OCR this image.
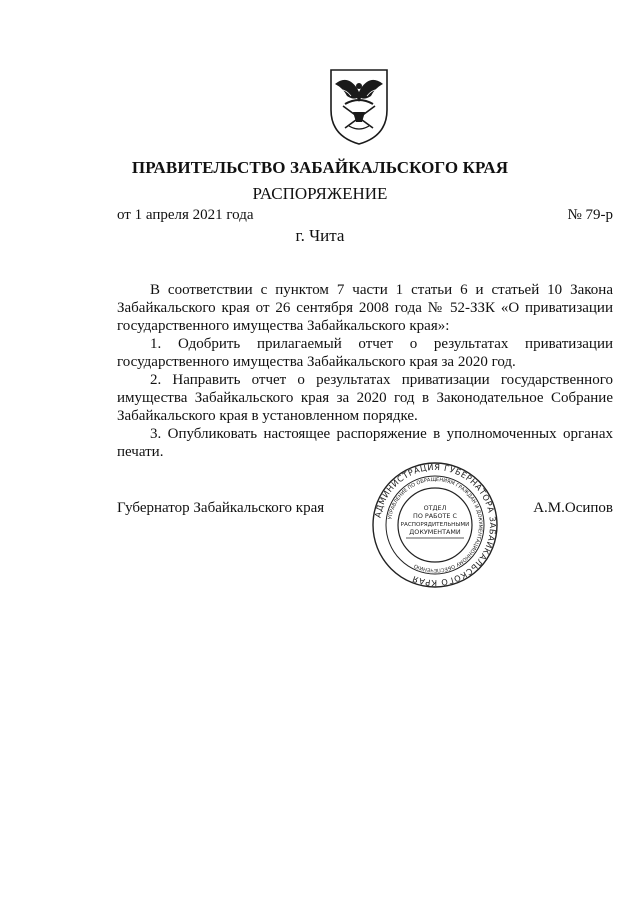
ПРАВИТЕЛЬСТВО ЗАБАЙКАЛЬСКОГО КРАЯ
РАСПОРЯЖЕНИЕ
от 1 апреля 2021 года	№ 79-р
г. Чита

В соответствии с пунктом 7 части 1 статьи 6 и статьей 10 Закона Забайкальского края от 26 сентября 2008 года № 52-ЗЗК «О приватизации государственного имущества Забайкальского края»:

1. Одобрить прилагаемый отчет о результатах приватизации государственного имущества Забайкальского края за 2020 год.

2. Направить отчет о результатах приватизации государственного имущества Забайкальского края за 2020 год в Законодательное Собрание Забайкальского края в установленном порядке.

3. Опубликовать настоящее распоряжение в уполномоченных органах печати.

Губернатор Забайкальского края	А.М.Осипов
АДМИНИСТРАЦИЯ ГУБЕРНАТОРА ЗАБАЙКАЛЬСКОГО КРАЯ
УПРАВЛЕНИЕ ПО ОБРАЩЕНИЯМ ГРАЖДАН И ДОКУМЕНТАЦИОННОМУ ОБЕСПЕЧЕНИЮ
ОТДЕЛ
ПО РАБОТЕ С
РАСПОРЯДИТЕЛЬНЫМИ
ДОКУМЕНТАМИ
